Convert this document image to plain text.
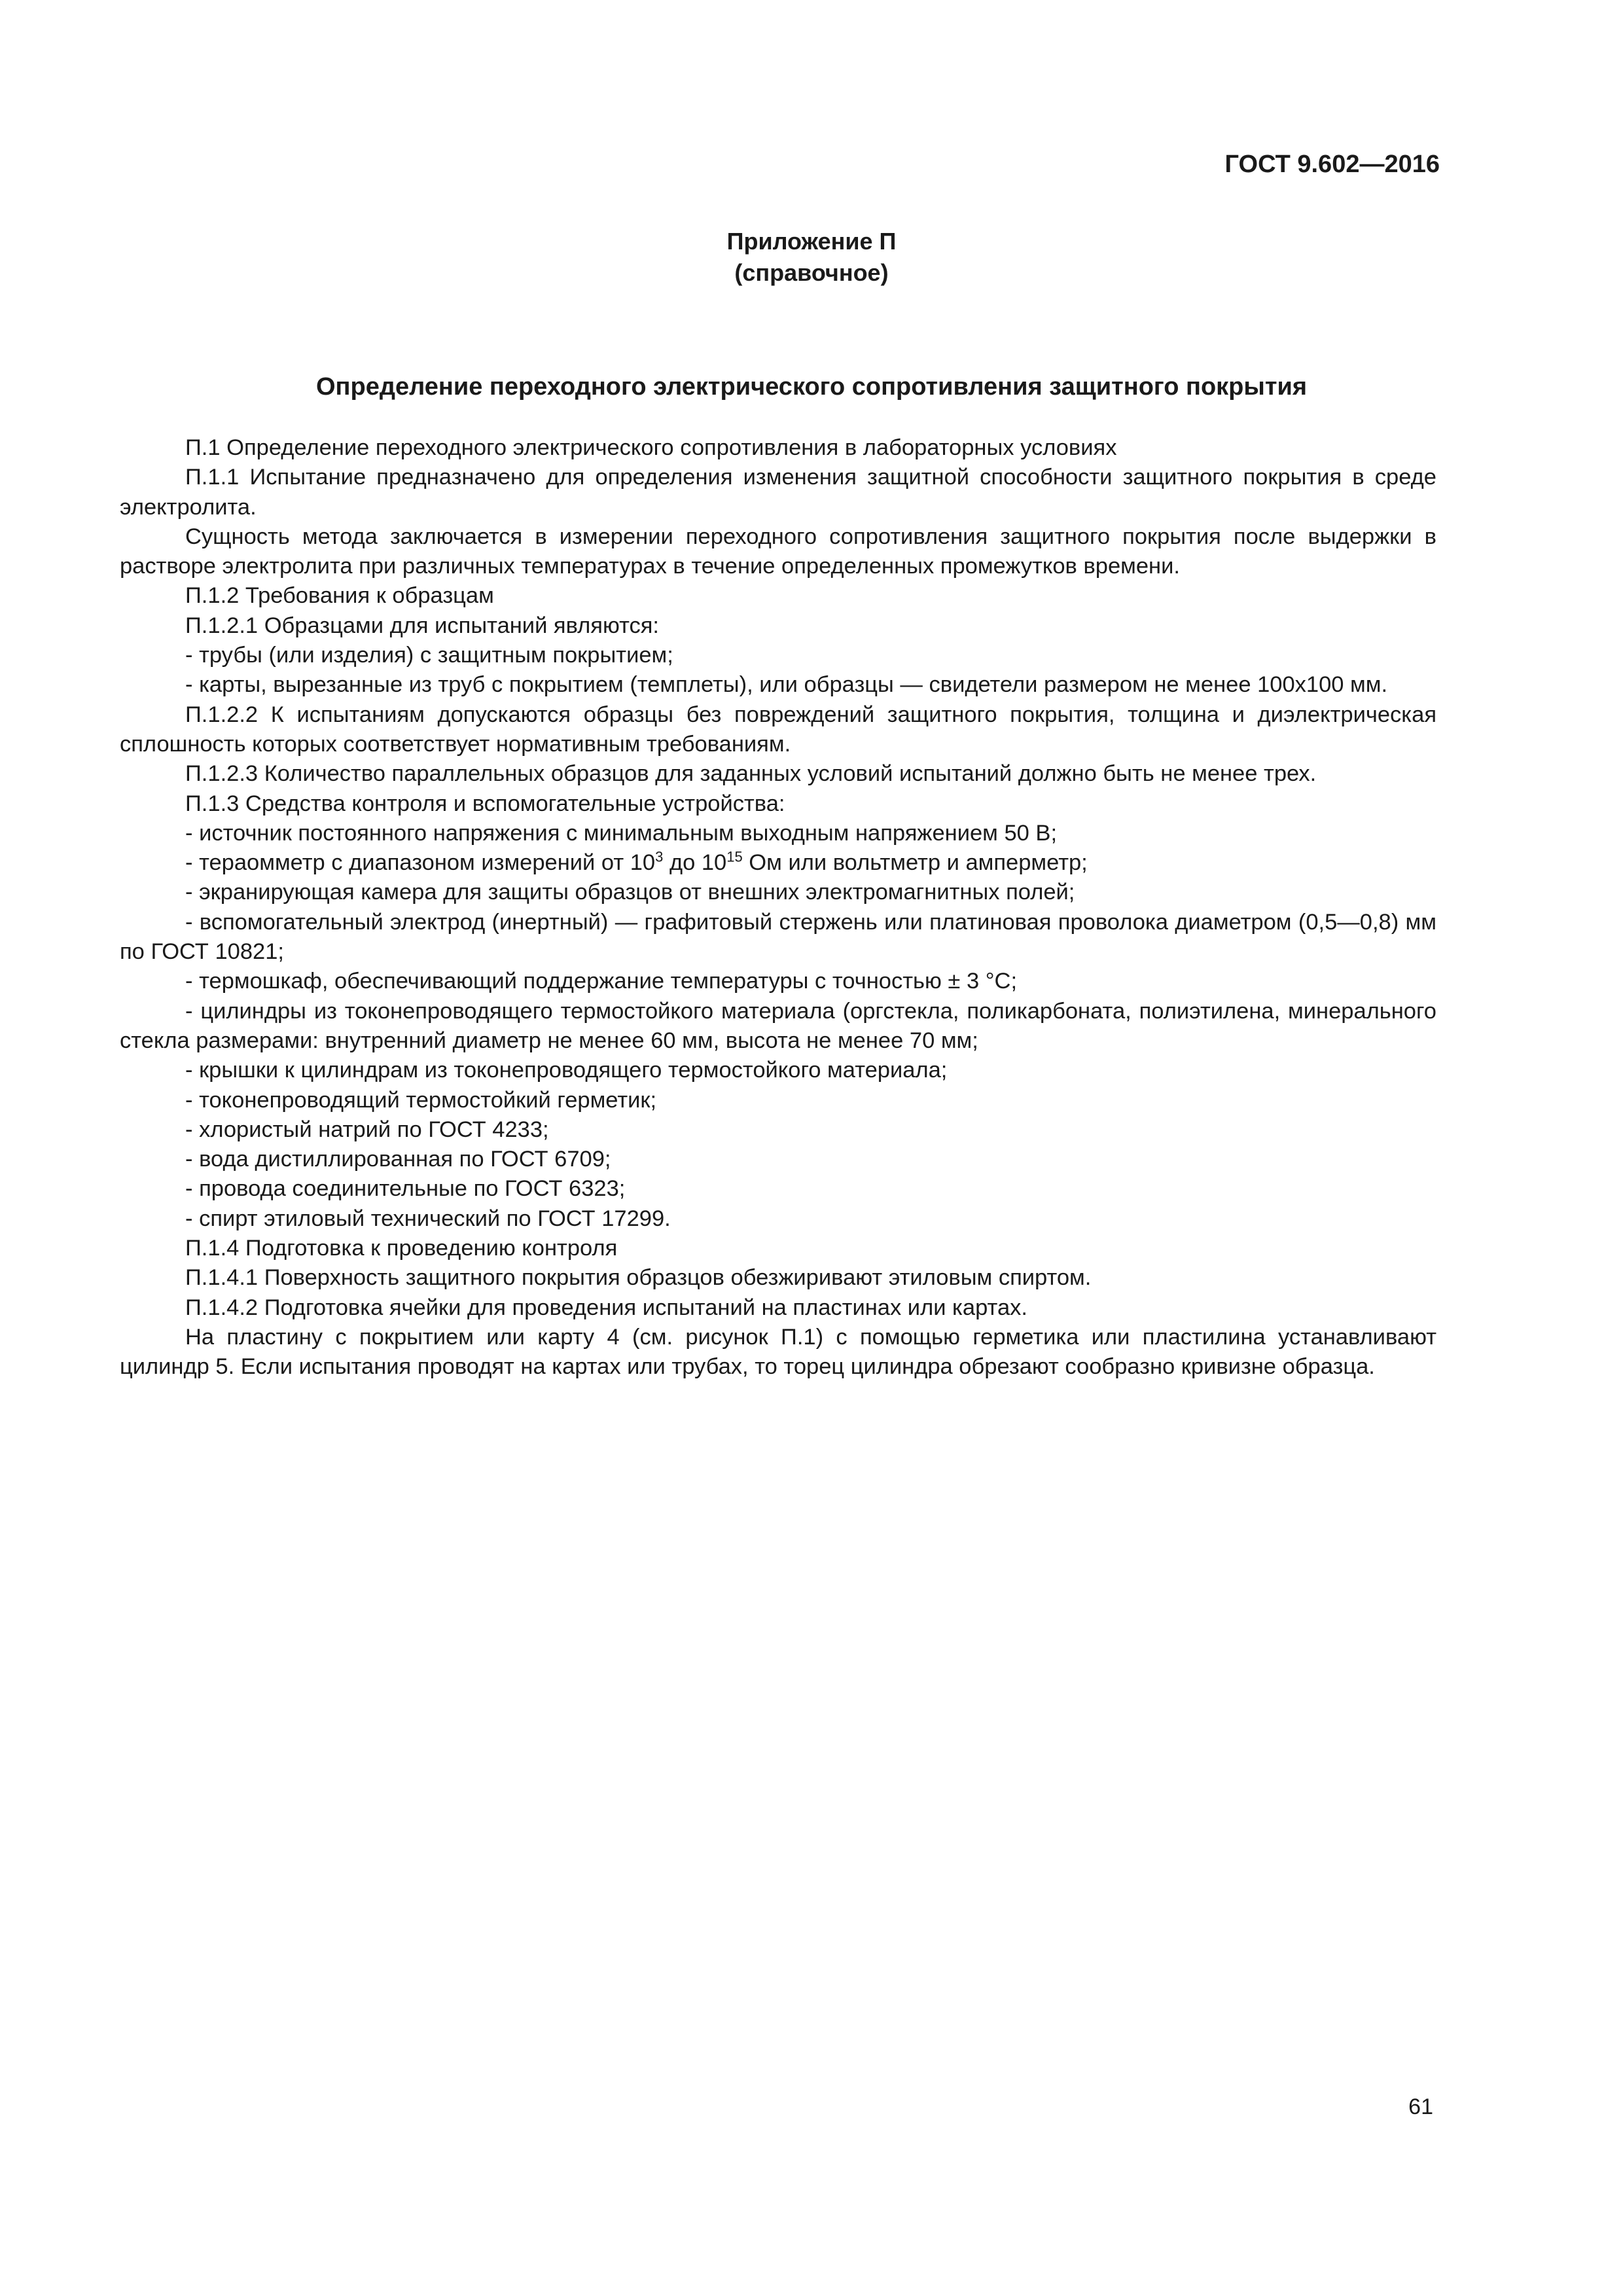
ГОСТ 9.602—2016
Приложение П
(справочное)
Определение переходного электрического сопротивления защитного покрытия

П.1 Определение переходного электрического сопротивления в лабораторных условиях

П.1.1 Испытание предназначено для определения изменения защитной способности защитного покрытия в среде электролита.

Сущность метода заключается в измерении переходного сопротивления защитного покрытия после выдержки в растворе электролита при различных температурах в течение определенных промежутков времени.

П.1.2 Требования к образцам

П.1.2.1 Образцами для испытаний являются:

- трубы (или изделия) с защитным покрытием;

- карты, вырезанные из труб с покрытием (темплеты), или образцы — свидетели размером не менее 100х100 мм.

П.1.2.2 К испытаниям допускаются образцы без повреждений защитного покрытия, толщина и диэлектрическая сплошность которых соответствует нормативным требованиям.

П.1.2.3 Количество параллельных образцов для заданных условий испытаний должно быть не менее трех.

П.1.3 Средства контроля и вспомогательные устройства:

- источник постоянного напряжения с минимальным выходным напряжением 50 В;

- тераомметр с диапазоном измерений от $10^3$ до $10^{15}$ Ом или вольтметр и амперметр;

- экранирующая камера для защиты образцов от внешних электромагнитных полей;

- вспомогательный электрод (инертный) — графитовый стержень или платиновая проволока диаметром (0,5—0,8) мм по ГОСТ 10821;

- термошкаф, обеспечивающий поддержание температуры с точностью ± 3 °С;

- цилиндры из токонепроводящего термостойкого материала (оргстекла, поликарбоната, полиэтилена, минерального стекла размерами: внутренний диаметр не менее 60 мм, высота не менее 70 мм;

- крышки к цилиндрам из токонепроводящего термостойкого материала;

- токонепроводящий термостойкий герметик;

- хлористый натрий по ГОСТ 4233;

- вода дистиллированная по ГОСТ 6709;

- провода соединительные по ГОСТ 6323;

- спирт этиловый технический по ГОСТ 17299.

П.1.4 Подготовка к проведению контроля

П.1.4.1 Поверхность защитного покрытия образцов обезжиривают этиловым спиртом.

П.1.4.2 Подготовка ячейки для проведения испытаний на пластинах или картах.

На пластину с покрытием или карту 4 (см. рисунок П.1) с помощью герметика или пластилина устанавливают цилиндр 5. Если испытания проводят на картах или трубах, то торец цилиндра обрезают сообразно кривизне образца.

61
